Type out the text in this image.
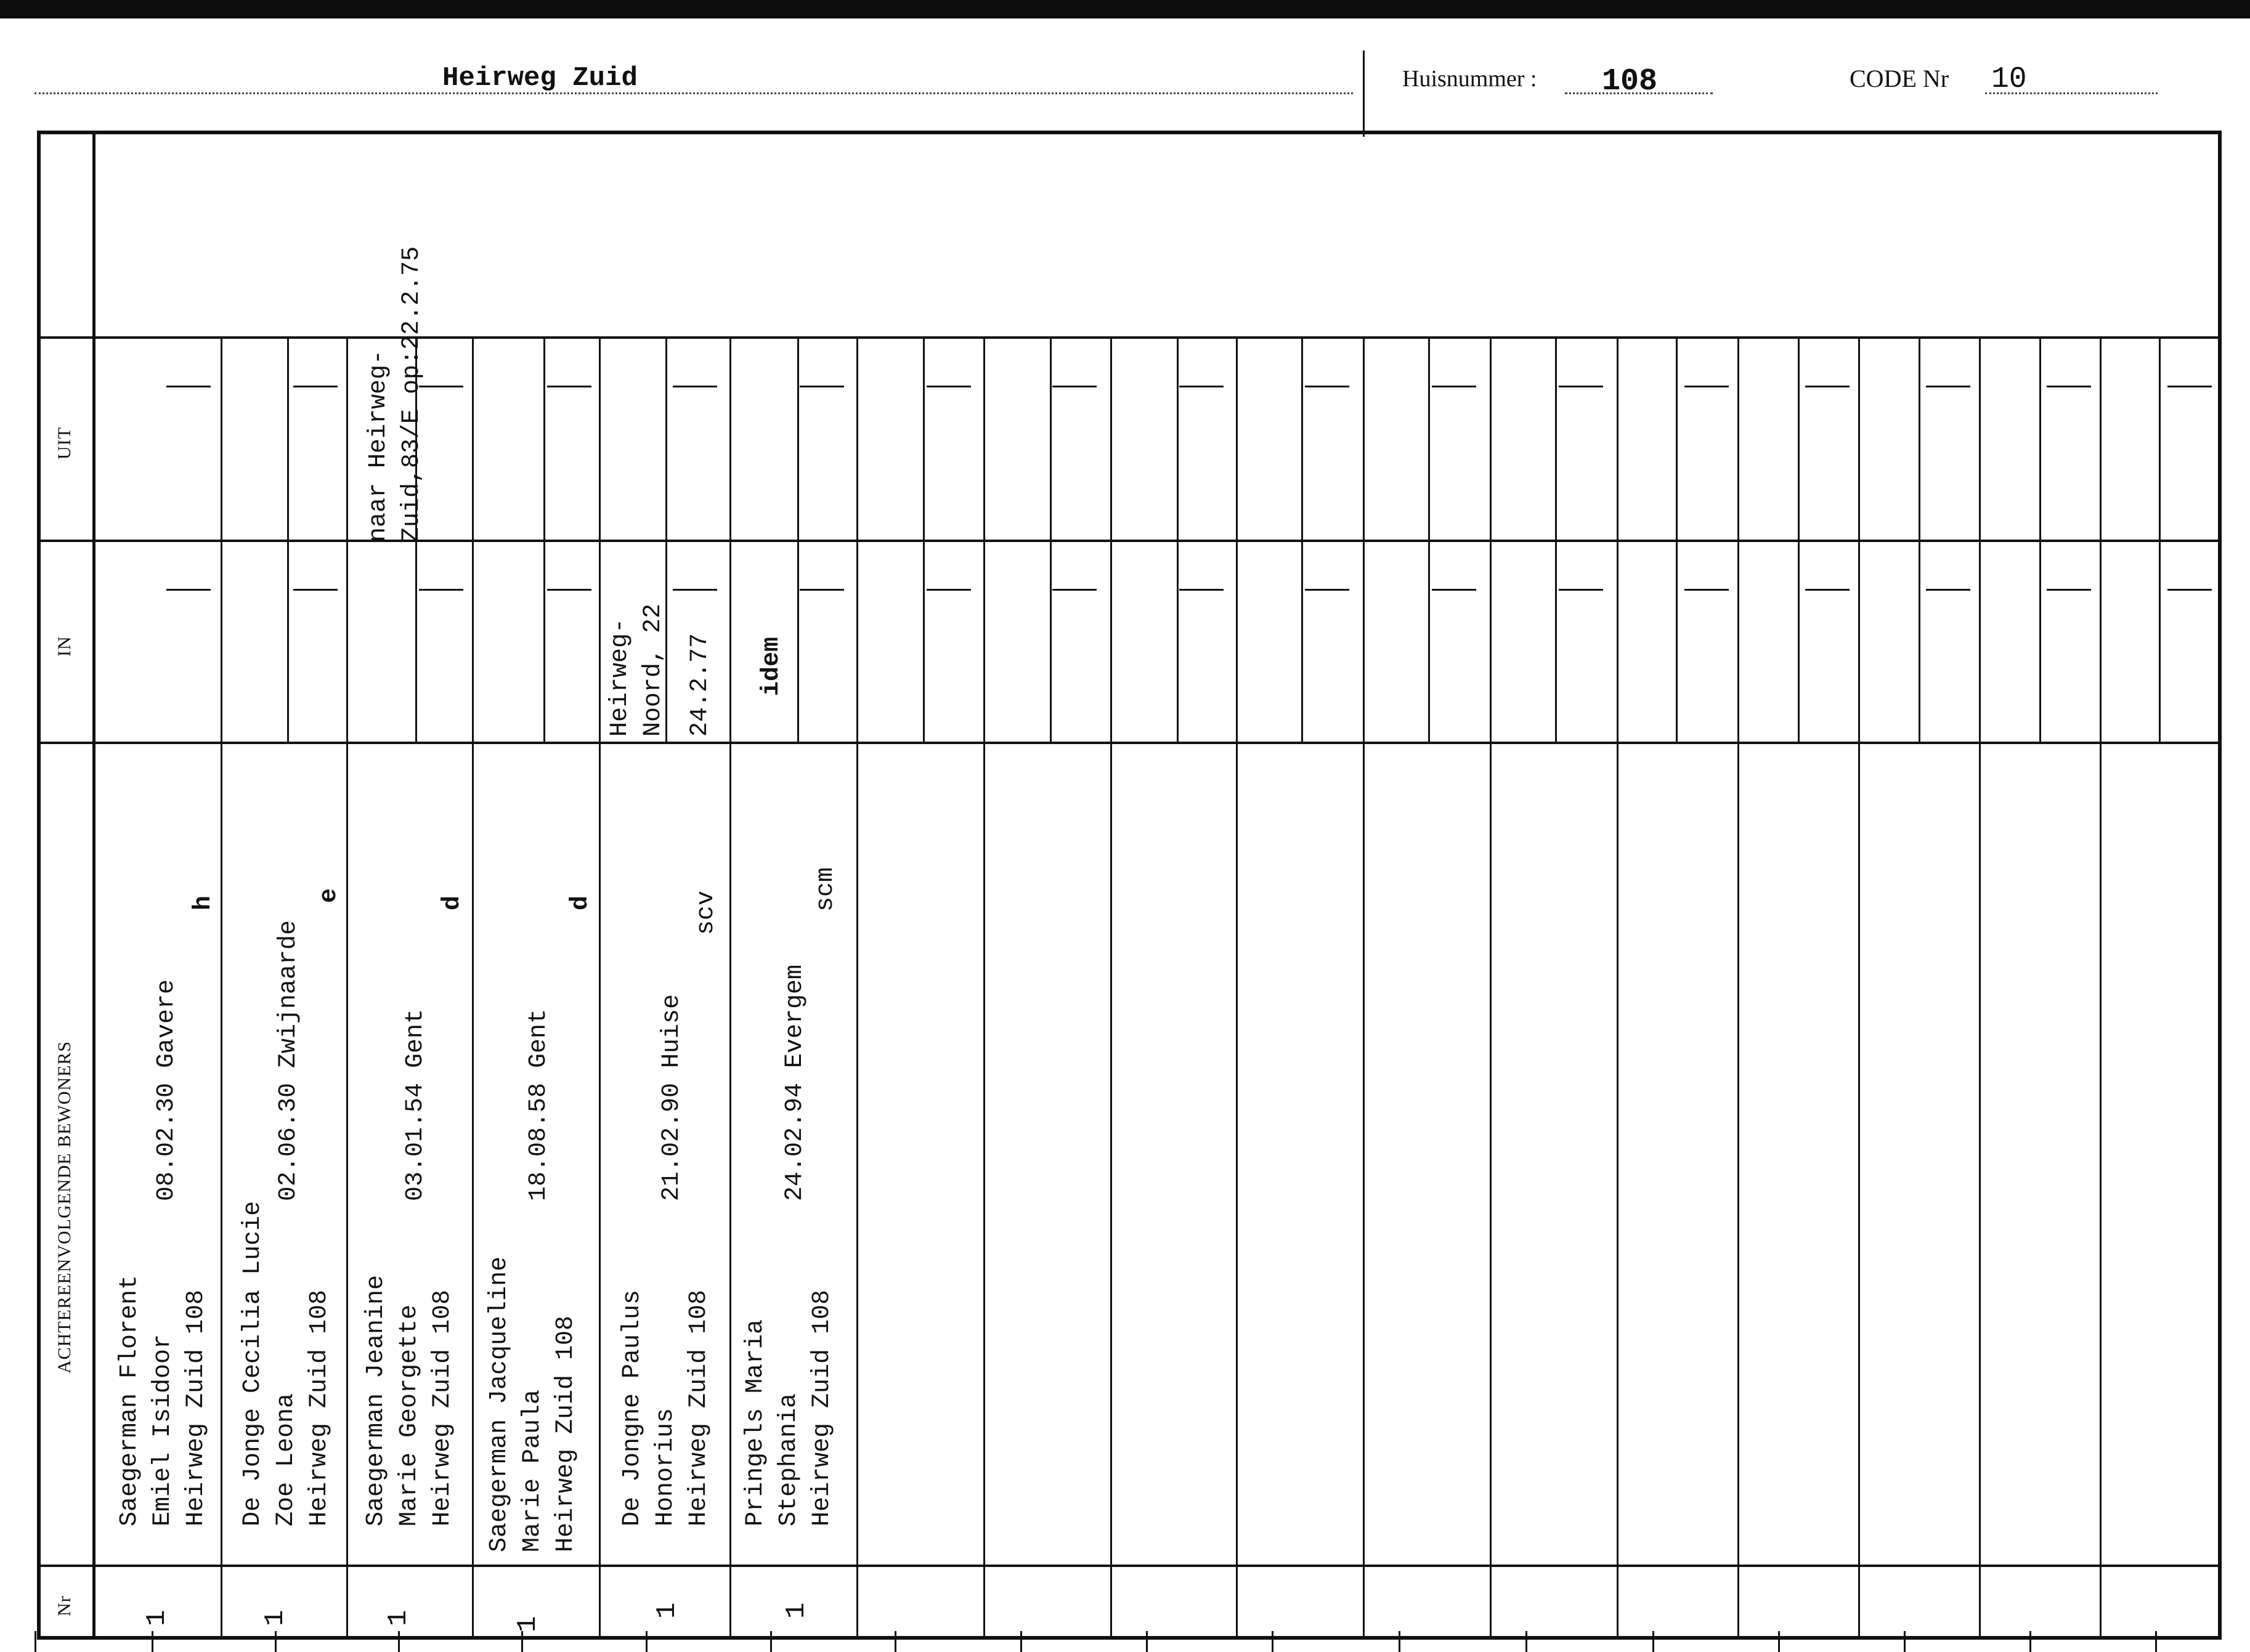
Heirweg Zuid	Huisnummer : 108	CODE Nr 10
UIT
IN
ACHTEREENVOLGENDE BEWONERS
Nr
Saegerman Florent Emiel Isidoor Heirweg Zuid 108
08.02.30 Gavere
h
1
De Jonge Cecilia Lucie Zoe Leona Heirweg Zuid 108
02.06.30 Zwijnaarde
e
1
Saegerman Jeanine Marie Georgette Heirweg Zuid 108
03.01.54 Gent
d
naar Heirweg- Zuid,83/E op:22.2.75
1
Saegerman Jacqueline Marie Paula Heirweg Zuid 108
18.08.58 Gent
d
1
De Jongne Paulus Honorius Heirweg Zuid 108
21.02.90 Huise
scv
Heirweg- Noord, 22 24.2.77
1
Pringels Maria Stephania Heirweg Zuid 108
24.02.94 Evergem
scm
idem
1
